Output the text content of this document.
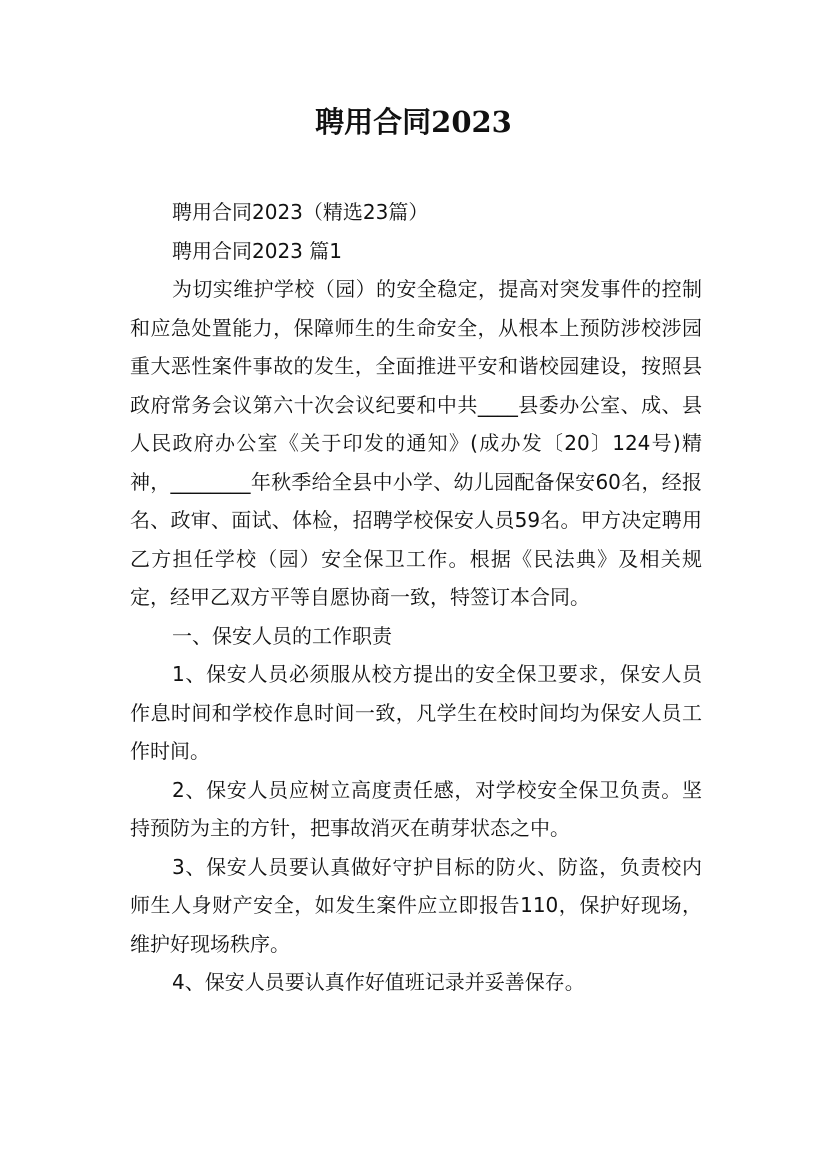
聘用合同2023

聘用合同2023（精选23篇）

聘用合同2023 篇1

为切实维护学校（园）的安全稳定，提高对突发事件的控制和应急处置能力，保障师生的生命安全，从根本上预防涉校涉园重大恶性案件事故的发生，全面推进平安和谐校园建设，按照县政府常务会议第六十次会议纪要和中共____县委办公室、成、县人民政府办公室《关于印发的通知》(成办发〔20〕124号)精神，________年秋季给全县中小学、幼儿园配备保安60名，经报名、政审、面试、体检，招聘学校保安人员59名。甲方决定聘用乙方担任学校（园）安全保卫工作。根据《民法典》及相关规定，经甲乙双方平等自愿协商一致，特签订本合同。

一、保安人员的工作职责

1、保安人员必须服从校方提出的安全保卫要求，保安人员作息时间和学校作息时间一致，凡学生在校时间均为保安人员工作时间。

2、保安人员应树立高度责任感，对学校安全保卫负责。坚持预防为主的方针，把事故消灭在萌芽状态之中。

3、保安人员要认真做好守护目标的防火、防盗，负责校内师生人身财产安全，如发生案件应立即报告110，保护好现场，维护好现场秩序。

4、保安人员要认真作好值班记录并妥善保存。
